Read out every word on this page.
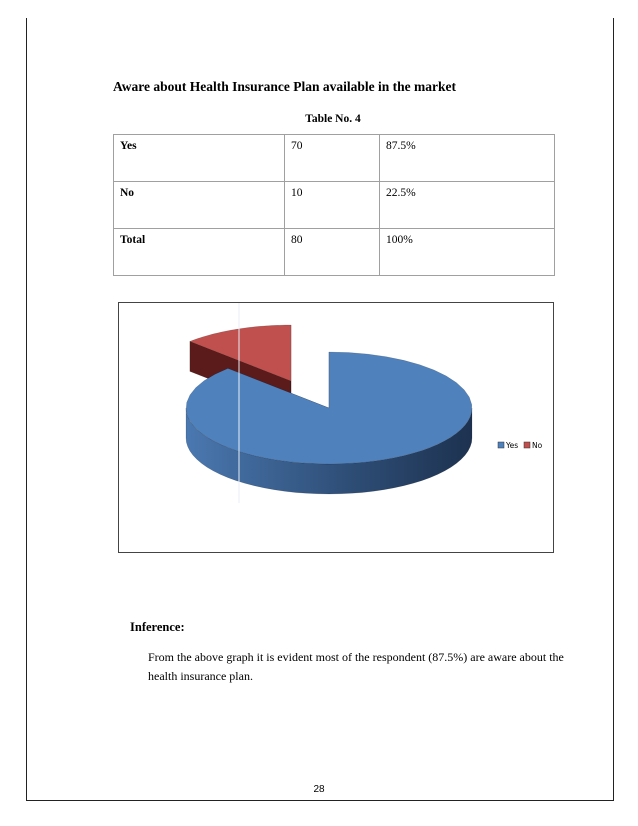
Aware about Health Insurance Plan available in the market
Table No. 4
Yes	70	87.5%
No	10	22.5%
Total	80	100%
Yes No
Inference:
From the above graph it is evident most of the respondent (87.5%) are aware about the health insurance plan.
28
